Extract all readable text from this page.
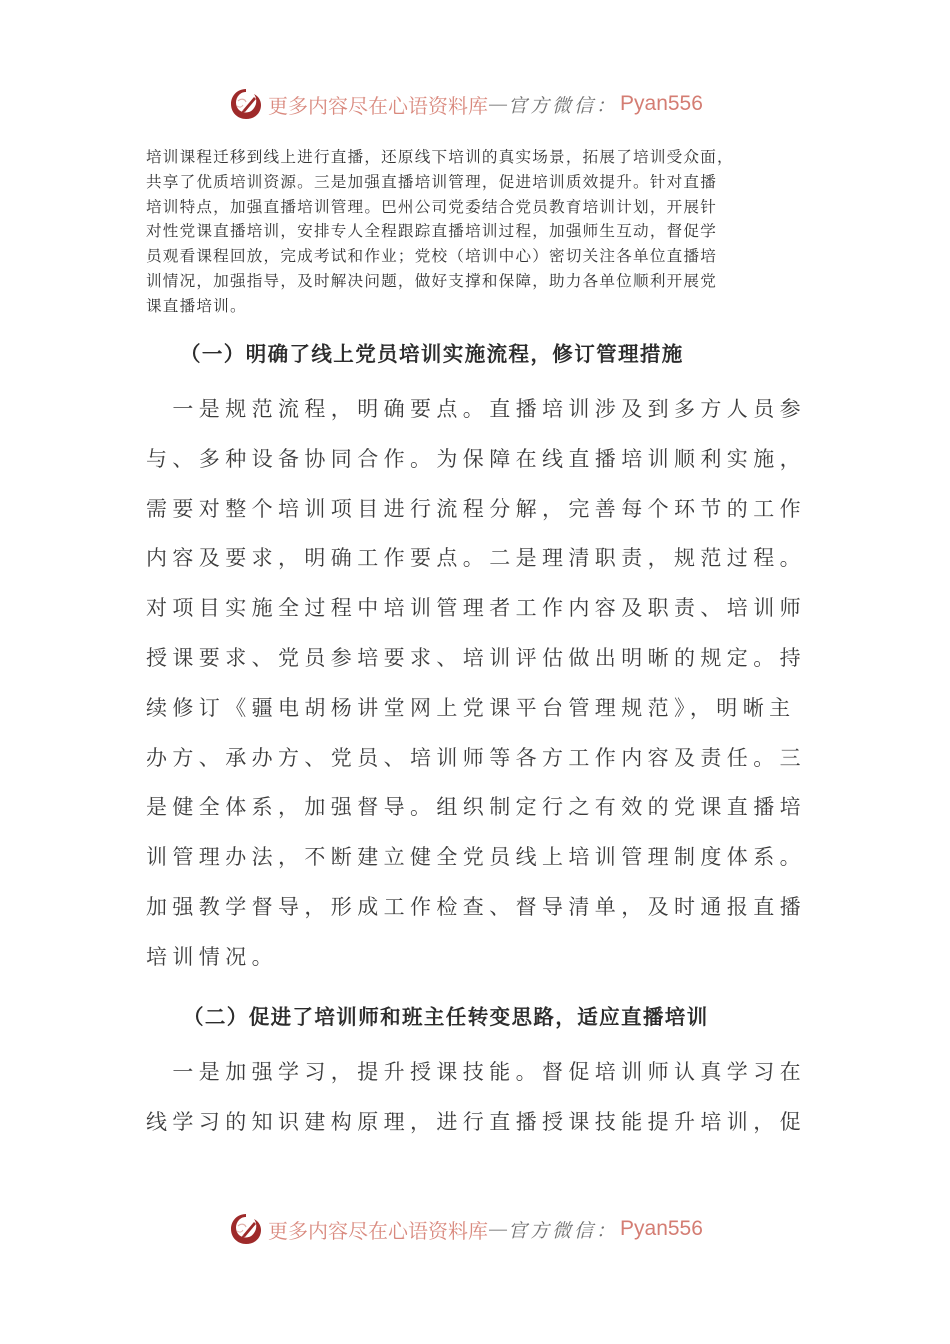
更多内容尽在心语资料库 — 官方微信： Pyan556
培训课程迁移到线上进行直播，还原线下培训的真实场景，拓展了培训受众面，
共享了优质培训资源。三是加强直播培训管理，促进培训质效提升。针对直播
培训特点，加强直播培训管理。巴州公司党委结合党员教育培训计划，开展针
对性党课直播培训，安排专人全程跟踪直播培训过程，加强师生互动，督促学
员观看课程回放，完成考试和作业；党校（培训中心）密切关注各单位直播培
训情况，加强指导，及时解决问题，做好支撑和保障，助力各单位顺利开展党
课直播培训。
（一）明确了线上党员培训实施流程，修订管理措施
　一是规范流程，明确要点。直播培训涉及到多方人员参
与、多种设备协同合作。为保障在线直播培训顺利实施，
需要对整个培训项目进行流程分解，完善每个环节的工作
内容及要求，明确工作要点。二是理清职责，规范过程。
对项目实施全过程中培训管理者工作内容及职责、培训师
授课要求、党员参培要求、培训评估做出明晰的规定。持
续修订《疆电胡杨讲堂网上党课平台管理规范》，明晰主
办方、承办方、党员、培训师等各方工作内容及责任。三
是健全体系，加强督导。组织制定行之有效的党课直播培
训管理办法，不断建立健全党员线上培训管理制度体系。
加强教学督导，形成工作检查、督导清单，及时通报直播
培训情况。
（二）促进了培训师和班主任转变思路，适应直播培训
　一是加强学习，提升授课技能。督促培训师认真学习在
线学习的知识建构原理，进行直播授课技能提升培训，促
更多内容尽在心语资料库 — 官方微信： Pyan556
